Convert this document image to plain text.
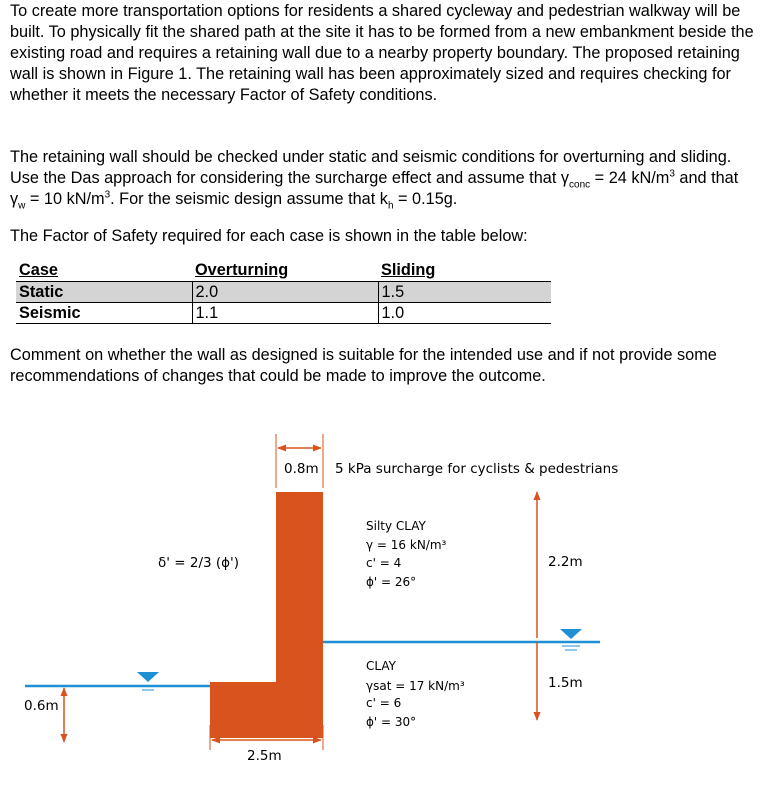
To create more transportation options for residents a shared cycleway and pedestrian walkway will be built. To physically fit the shared path at the site it has to be formed from a new embankment beside the existing road and requires a retaining wall due to a nearby property boundary. The proposed retaining wall is shown in Figure 1. The retaining wall has been approximately sized and requires checking for whether it meets the necessary Factor of Safety conditions.

The retaining wall should be checked under static and seismic conditions for overturning and sliding. Use the Das approach for considering the surcharge effect and assume that $\gamma_{conc} = 24$ $kN/m^3$ and that $\gamma_w = 10$ $kN/m^3$. For the seismic design assume that $k_h = 0.15g$.

The Factor of Safety required for each case is shown in the table below:

Case	Overturning	Sliding
Static	2.0	1.5
Seismic	1.1	1.0

Comment on whether the wall as designed is suitable for the intended use and if not provide some recommendations of changes that could be made to improve the outcome.

0.8m 5 kPa surcharge for cyclists & pedestrians
δ' = 2/3 (ϕ')
Silty CLAY
γ = 16 kN/m³
c' = 4
ϕ' = 26°
CLAY
γsat = 17 kN/m³
c' = 6
ϕ' = 30°
2.2m
1.5m
0.6m
2.5m
